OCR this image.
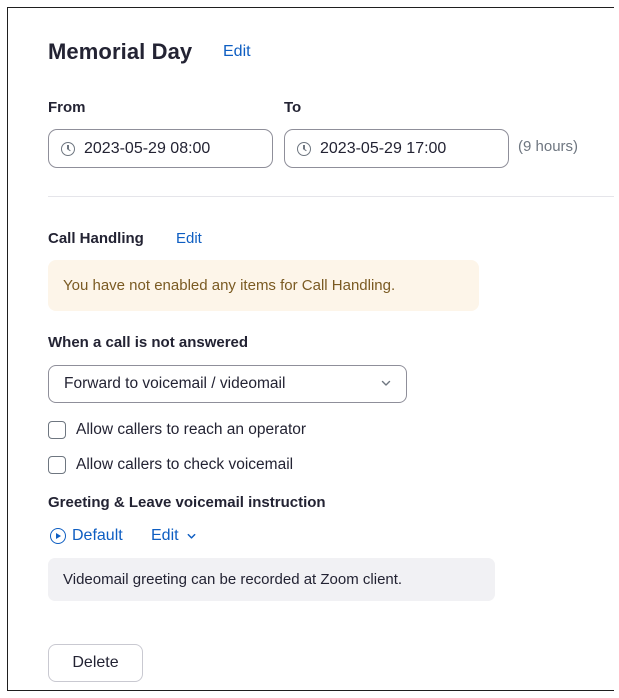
Memorial Day Edit
From	To
2023-05-29 08:00	2023-05-29 17:00	(9 hours)
Call Handling Edit
You have not enabled any items for Call Handling.
When a call is not answered
Forward to voicemail / videomail
Allow callers to reach an operator
Allow callers to check voicemail
Greeting & Leave voicemail instruction
Default Edit
Videomail greeting can be recorded at Zoom client.
Delete
